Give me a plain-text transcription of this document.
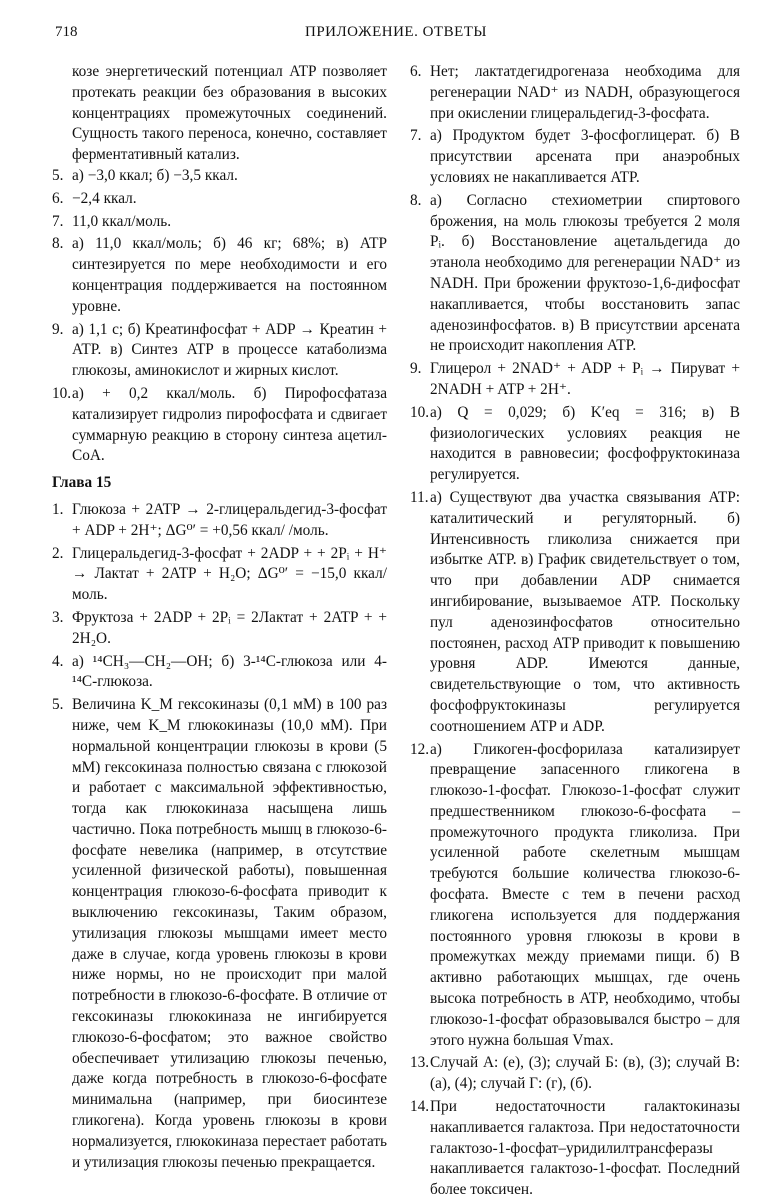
718	ПРИЛОЖЕНИЕ. ОТВЕТЫ

козе энергетический потенциал ATP позволяет протекать реакции без образования в высоких концентрациях промежуточных соединений. Сущность такого переноса, конечно, составляет ферментативный катализ.

5. а) −3,0 ккал; б) −3,5 ккал.
6. −2,4 ккал.
7. 11,0 ккал/моль.
8. а) 11,0 ккал/моль; б) 46 кг; 68%; в) ATP синтезируется по мере необходимости и его концентрация поддерживается на постоянном уровне.
9. а) 1,1 с; б) Креатинфосфат + ADP → Креатин + ATP. в) Синтез ATP в процессе катаболизма глюкозы, аминокислот и жирных кислот.
10. а) + 0,2 ккал/моль. б) Пирофосфатаза катализирует гидролиз пирофосфата и сдвигает суммарную реакцию в сторону синтеза ацетил-CoA.
Глава 15
1. Глюкоза + 2ATP → 2-глицеральдегид-3-фосфат + ADP + 2H⁺; ΔG⁰′ = +0,56 ккал/ /моль.
2. Глицеральдегид-3-фосфат + 2ADP + + 2Pᵢ + H⁺ → Лактат + 2ATP + H₂O; ΔG⁰′ = −15,0 ккал/моль.
3. Фруктоза + 2ADP + 2Pᵢ = 2Лактат + 2ATP + + 2H₂O.
4. а) ¹⁴CH₃—CH₂—OH; б) 3-¹⁴C-глюкоза или 4-¹⁴C-глюкоза.
5. Величина K_M гексокиназы (0,1 мМ) в 100 раз ниже, чем K_M глюкокиназы (10,0 мМ). При нормальной концентрации глюкозы в крови (5 мМ) гексокиназа полностью связана с глюкозой и работает с максимальной эффективностью, тогда как глюкокиназа насыщена лишь частично. Пока потребность мышц в глюкозо-6-фосфате невелика (например, в отсутствие усиленной физической работы), повышенная концентрация глюкозо-6-фосфата приводит к выключению гексокиназы, Таким образом, утилизация глюкозы мышцами имеет место даже в случае, когда уровень глюкозы в крови ниже нормы, но не происходит при малой потребности в глюкозо-6-фосфате. В отличие от гексокиназы глюкокиназа не ингибируется глюкозо-6-фосфатом; это важное свойство обеспечивает утилизацию глюкозы печенью, даже когда потребность в глюкозо-6-фосфате минимальна (например, при биосинтезе гликогена). Когда уровень глюкозы в крови нормализуется, глюкокиназа перестает работать и утилизация глюкозы печенью прекращается.
6. Нет; лактатдегидрогеназа необходима для регенерации NAD⁺ из NADH, образующегося при окислении глицеральдегид-3-фосфата.
7. а) Продуктом будет 3-фосфоглицерат. б) В присутствии арсената при анаэробных условиях не накапливается ATP.
8. а) Согласно стехиометрии спиртового брожения, на моль глюкозы требуется 2 моля Pᵢ. б) Восстановление ацетальдегида до этанола необходимо для регенерации NAD⁺ из NADH. При брожении фруктозо-1,6-дифосфат накапливается, чтобы восстановить запас аденозинфосфатов. в) В присутствии арсената не происходит накопления ATP.
9. Глицерол + 2NAD⁺ + ADP + Pᵢ → Пируват + 2NADH + ATP + 2H⁺.
10. а) Q = 0,029; б) K′eq = 316; в) В физиологических условиях реакция не находится в равновесии; фосфофруктокиназа регулируется.
11. а) Существуют два участка связывания ATP: каталитический и регуляторный. б) Интенсивность гликолиза снижается при избытке ATP. в) График свидетельствует о том, что при добавлении ADP снимается ингибирование, вызываемое ATP. Поскольку пул аденозинфосфатов относительно постоянен, расход ATP приводит к повышению уровня ADP. Имеются данные, свидетельствующие о том, что активность фосфофруктокиназы регулируется соотношением ATP и ADP.
12. а) Гликоген-фосфорилаза катализирует превращение запасенного гликогена в глюкозо-1-фосфат. Глюкозо-1-фосфат служит предшественником глюкозо-6-фосфата – промежуточного продукта гликолиза. При усиленной работе скелетным мышцам требуются большие количества глюкозо-6-фосфата. Вместе с тем в печени расход гликогена используется для поддержания постоянного уровня глюкозы в крови в промежутках между приемами пищи. б) В активно работающих мышцах, где очень высока потребность в ATP, необходимо, чтобы глюкозо-1-фосфат образовывался быстро – для этого нужна большая Vmax.
13. Случай А: (е), (3); случай Б: (в), (3); случай В: (а), (4); случай Г: (г), (б).
14. При недостаточности галактокиназы накапливается галактоза. При недостаточности галактозо-1-фосфат–уридилилтрансферазы накапливается галактозо-1-фосфат. Последний более токсичен.
